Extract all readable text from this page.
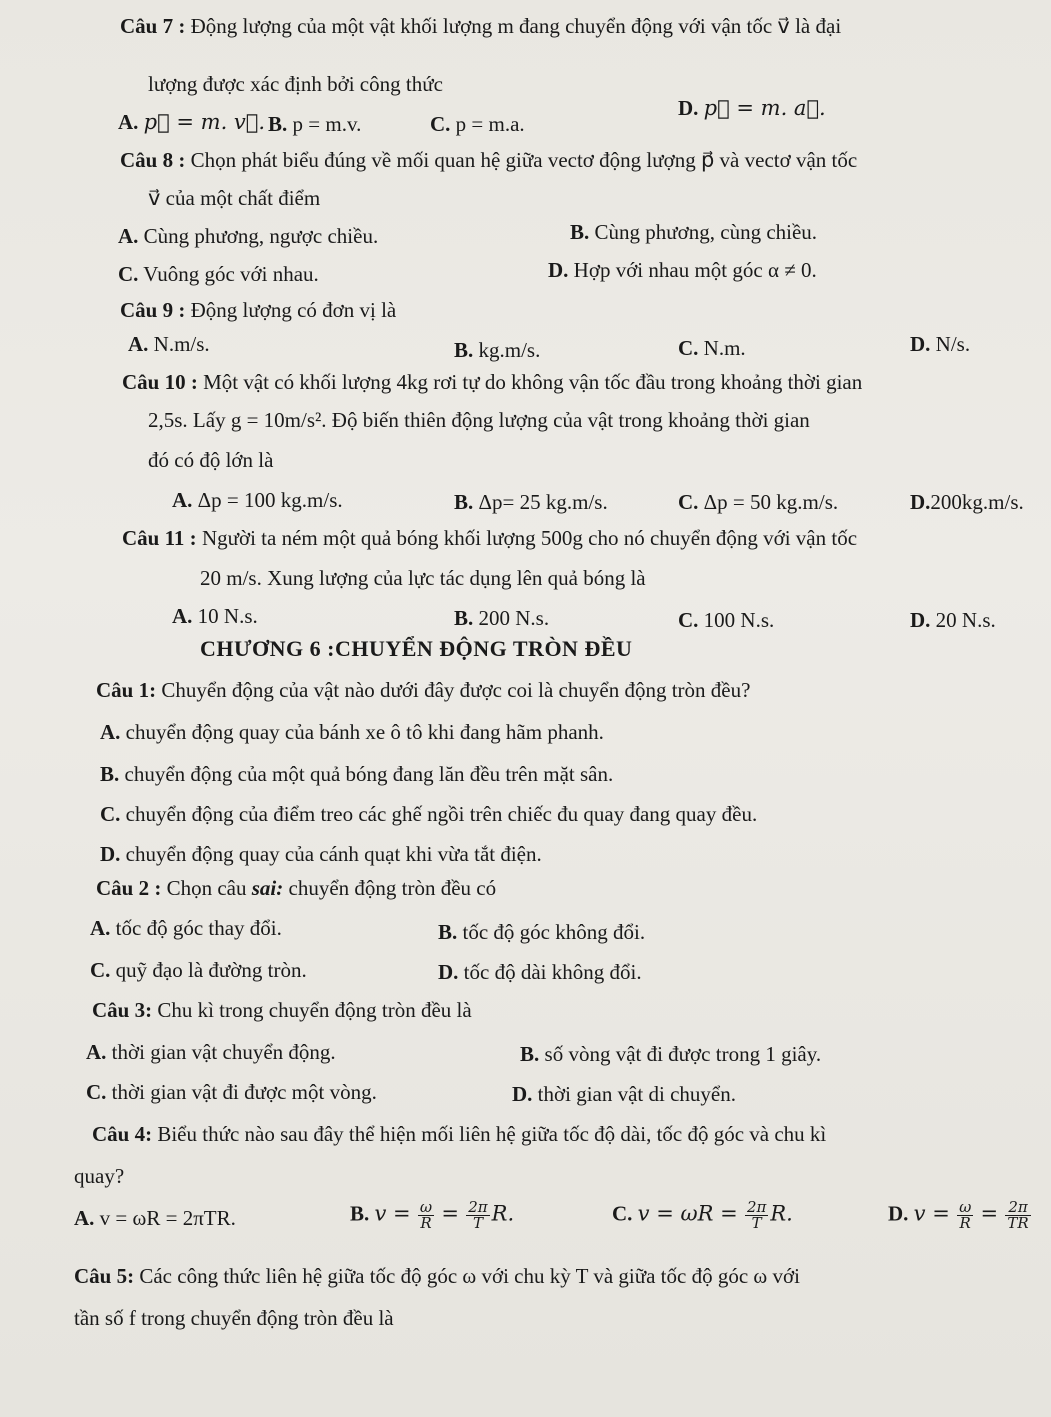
Câu 7 : Động lượng của một vật khối lượng m đang chuyển động với vận tốc v⃗ là đại
lượng được xác định bởi công thức
A. p⃗ = m. v⃗. B. p = m.v.	C. p = m.a.
D. p⃗ = m. a⃗.
Câu 8 : Chọn phát biểu đúng về mối quan hệ giữa vectơ động lượng p⃗ và vectơ vận tốc
v⃗ của một chất điểm
A. Cùng phương, ngược chiều.	B. Cùng phương, cùng chiều.
C. Vuông góc với nhau.	D. Hợp với nhau một góc α ≠ 0.
Câu 9 : Động lượng có đơn vị là
A. N.m/s.	B. kg.m/s.	C. N.m.	D. N/s.
Câu 10 : Một vật có khối lượng 4kg rơi tự do không vận tốc đầu trong khoảng thời gian
2,5s. Lấy g = 10m/s². Độ biến thiên động lượng của vật trong khoảng thời gian
đó có độ lớn là
A. Δp = 100 kg.m/s.	B. Δp= 25 kg.m/s.	C. Δp = 50 kg.m/s.	D.200kg.m/s.
Câu 11 : Người ta ném một quả bóng khối lượng 500g cho nó chuyển động với vận tốc
20 m/s. Xung lượng của lực tác dụng lên quả bóng là
A. 10 N.s.	B. 200 N.s.	C. 100 N.s.	D. 20 N.s.
CHƯƠNG 6 :CHUYỂN ĐỘNG TRÒN ĐỀU
Câu 1: Chuyển động của vật nào dưới đây được coi là chuyển động tròn đều?
A. chuyển động quay của bánh xe ô tô khi đang hãm phanh.
B. chuyển động của một quả bóng đang lăn đều trên mặt sân.
C. chuyển động của điểm treo các ghế ngồi trên chiếc đu quay đang quay đều.
D. chuyển động quay của cánh quạt khi vừa tắt điện.
Câu 2 : Chọn câu sai: chuyển động tròn đều có
A. tốc độ góc thay đổi.	B. tốc độ góc không đổi.
C. quỹ đạo là đường tròn.	D. tốc độ dài không đổi.
Câu 3: Chu kì trong chuyển động tròn đều là
A. thời gian vật chuyển động.	B. số vòng vật đi được trong 1 giây.
C. thời gian vật đi được một vòng.	D. thời gian vật di chuyển.
Câu 4: Biểu thức nào sau đây thể hiện mối liên hệ giữa tốc độ dài, tốc độ góc và chu kì
quay?
A. v = ωR = 2πTR.	B. $v = \frac{\omega}{R} = \frac{2\pi}{T} R$.	C. $v = \omega R = \frac{2\pi}{T} R$.	D. $v = \frac{\omega}{R} = \frac{2\pi}{TR}$
Câu 5: Các công thức liên hệ giữa tốc độ góc ω với chu kỳ T và giữa tốc độ góc ω với
tần số f trong chuyển động tròn đều là
